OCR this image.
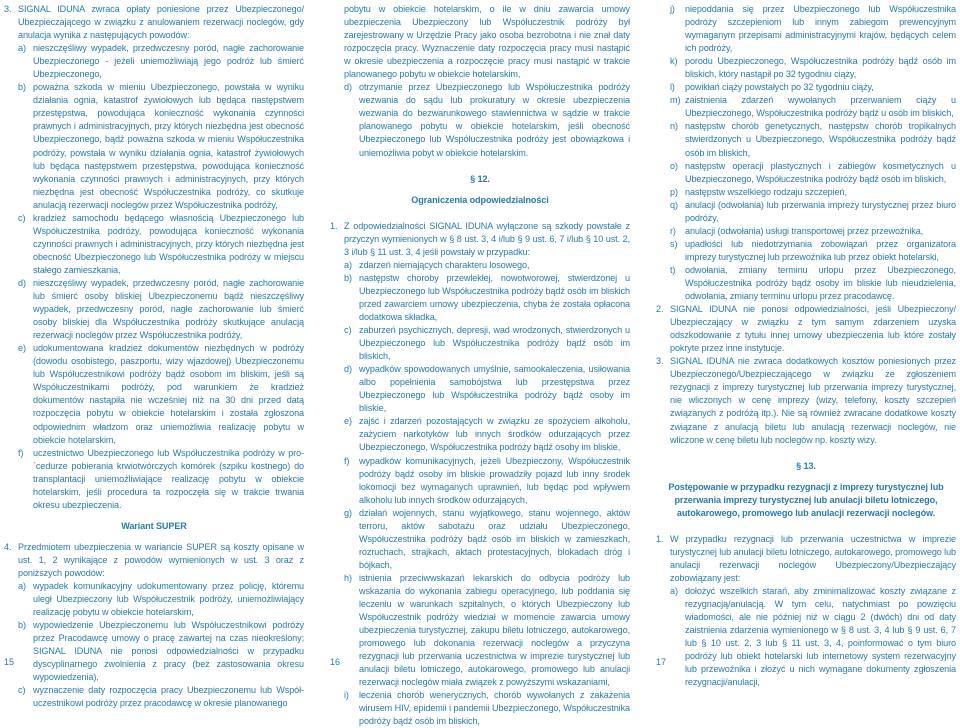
3. SIGNAL IDUNA zwraca opłaty poniesione przez Ubezpieczonego/ Ubezpieczającego w związku z anulowaniem rezerwacji noclegów, gdy anulacja wynika z następujących powodów:

a) nieszczęśliwy wypadek, przedwczesny poród, nagłe zachorowanie Ubezpieczonego - jeżeli uniemożliwiają jego podróż lub śmierć Ubezpieczonego,
b) poważna szkoda w mieniu Ubezpieczonego, powstała w wyniku działania ognia, katastrof żywiołowych lub będąca następstwem przestępstwa, powodująca konieczność wykonania czynności prawnych i administracyjnych, przy których niezbędna jest obecność Ubezpieczonego, bądź poważna szkoda w mieniu Współuczestnika podróży, powstała w wyniku działania ognia, katastrof żywiołowych lub będąca następstwem przestępstwa, powodująca konieczność wykonania czynności prawnych i administracyjnych, przy których niezbędna jest obecność Współuczestnika podróży, co skutkuje anulacją rezerwacji noclegów przez Współuczestnika podróży,
c) kradzież samochodu będącego własnością Ubezpieczonego lub Współuczestnika podróży, powodująca konieczność wykonania czynności prawnych i administracyjnych, przy których niezbędna jest obecność Ubezpieczonego lub Współuczestnika podróży w miejscu stałego zamieszkania,
d) nieszczęśliwy wypadek, przedwczesny poród, nagłe zachorowanie lub śmierć osoby bliskiej Ubezpieczonemu bądź nieszczęśliwy wypadek, przedwczesny poród, nagłe zachorowanie lub śmierć osoby bliskiej dla Współuczestnika podróży skutkujące anulacją rezerwacji noclegów przez Współuczestnika podróży,
e) udokumentowana kradzież dokumentów niezbędnych w podróży (dowodu osobistego, paszportu, wizy wjazdowej) Ubezpieczonemu lub Współuczestnikowi podróży bądź osobom im bliskim, jeśli są Współuczestnikami podróży, pod warunkiem że kradzież dokumentów nastąpiła nie wcześniej niż na 30 dni przed datą rozpoczęcia pobytu w obiekcie hotelarskim i została zgłoszona odpowiednim władzom oraz uniemożliwia realizację pobytu w obiekcie hotelarskim,
f)	uczestnictwo Ubezpieczonego lub Współuczestnika podróży w pro-`cedurze pobierania krwiotwórczych komórek (szpiku kostnego) do transplantacji uniemożliwiające realizację pobytu w obiekcie hotelarskim, jeśli procedura ta rozpoczęła się w trakcie trwania okresu ubezpieczenia.

Wariant SUPER

4. Przedmiotem ubezpieczenia w wariancie SUPER są koszty opisane w ust. 1, 2 wynikające z powodów wymienionych w ust. 3 oraz z poniższych powodów:

a) wypadek komunikacyjny udokumentowany przez policję, któremu uległ Ubezpieczony lub Współuczestnik podróży, uniemożliwiający realizację pobytu w obiekcie hotelarskim,
b) wypowiedzenie Ubezpieczonemu lub Współuczestnikowi podróży przez Pracodawcę umowy o pracę zawartej na czas nieokreślony; SIGNAL IDUNA nie ponosi odpowiedzialności w przypadku dyscyplinarnego zwolnienia z pracy (bez zastosowania okresu wypowiedzenia),
c) wyznaczenie daty rozpoczęcia pracy Ubezpieczonemu lub Współ-uczestnikowi podróży przez pracodawcę w okresie planowanego

pobytu w obiekcie hotelarskim, o ile w dniu zawarcia umowy ubezpieczenia Ubezpieczony lub Współuczestnik podróży był zarejestrowany w Urzędzie Pracy jako osoba bezrobotna i nie znał daty rozpoczęcia pracy. Wyznaczenie daty rozpoczęcia pracy musi nastąpić w okresie ubezpieczenia a rozpoczęcie pracy musi nastąpić w trakcie planowanego pobytu w obiekcie hotelarskim,

d) otrzymanie przez Ubezpieczonego lub Współuczestnika podróży wezwania do sądu lub prokuratury w okresie ubezpieczenia wezwania do bezwarunkowego stawiennictwa w sądzie w trakcie planowanego pobytu w obiekcie hotelarskim, jeśli obecność Ubezpieczonego lub Współuczestnika podróży jest obowiązkowa i uniemożliwia pobyt w obiekcie hotelarskim.

§ 12.

Ograniczenia odpowiedzialności

1. Z odpowiedzialności SIGNAL IDUNA wyłączone są szkody powstałe z przyczyn wymienionych w § 8 ust. 3, 4 i/lub § 9 ust. 6, 7 i/lub § 10 ust. 2, 3 i/lub § 11 ust. 3, 4 jeśli powstały w przypadku:

a) zdarzeń niemających charakteru losowego,
b) następstw choroby przewlekłej, nowotworowej, stwierdzonej u Ubezpieczonego lub Współuczestnika podróży bądź osób im bliskich przed zawarciem umowy ubezpieczenia, chyba że została opłacona dodatkowa składka,
c) zaburzeń psychicznych, depresji, wad wrodzonych, stwierdzonych u Ubezpieczonego lub Współuczestnika podróży bądź osób im bliskich,
d) wypadków spowodowanych umyślnie, samookaleczenia, usiłowania albo popełnienia samobójstwa lub przestępstwa przez Ubezpieczonego lub Współuczestnika podróży bądź osoby im bliskie,
e) zajść i zdarzeń pozostających w związku ze spożyciem alkoholu, zażyciem narkotyków lub innych środków odurzających przez Ubezpieczonego, Współuczestnika podróży bądź osoby im bliskie,
f)	wypadków komunikacyjnych, jeżeli Ubezpieczony, Współuczestnik podróży bądź osoby im bliskie prowadziły pojazd lub inny środek lokomocji bez wymaganych uprawnień, lub będąc pod wpływem alkoholu lub innych środków odurzających,
g) działań wojennych, stanu wyjątkowego, stanu wojennego, aktów terroru, aktów sabotażu oraz udziału Ubezpieczonego, Współuczestnika podróży bądź osób im bliskich w zamieszkach, rozruchach, strajkach, aktach protestacyjnych, blokadach dróg i bójkach,
h) istnienia przeciwwskazań lekarskich do odbycia podróży lub wskazania do wykonania zabiegu operacyjnego, lub poddania się leczeniu w warunkach szpitalnych, o których Ubezpieczony lub Współuczestnik podróży wiedział w momencie zawarcia umowy ubezpieczenia turystycznej, zakupu biletu lotniczego, autokarowego, promowego lub dokonania rezerwacji noclegów a przyczyna rezygnacji lub przerwania uczestnictwa w imprezie turystycznej lub anulacji biletu lotniczego, autokarowego, promowego lub anulacji rezerwacji noclegów miała związek z powyższymi wskazaniami,
i)	leczenia chorób wenerycznych, chorób wywołanych z zakażenia wirusem HIV, epidemii i pandemii Ubezpieczonego, Współuczestnika podróży bądź osób im bliskich,
j)	niepoddania się przez Ubezpieczonego lub Współuczestnika podróży szczepieniom lub innym zabiegom prewencyjnym wymaganym przepisami administracyjnymi krajów, będących celem ich podróży,
k) porodu Ubezpieczonego, Współuczestnika podróży bądź osób im bliskich, który nastąpił po 32 tygodniu ciąży,
l)	powikłań ciąży powstałych po 32 tygodniu ciąży,
m) zaistnienia zdarzeń wywołanych przerwaniem ciąży u Ubezpieczonego, Współuczestnika podróży bądź u osób im bliskich,
n) następstw chorób genetycznych, następstw chorób tropikalnych stwierdzonych u Ubezpieczonego, Współuczestnika podróży bądź osób im bliskich,
o) następstw operacji plastycznych i zabiegów kosmetycznych u Ubezpieczonego, Współuczestnika podróży bądź osób im bliskich,
p) następstw wszelkiego rodzaju szczepień,
q) anulacji (odwołania) lub przerwania imprezy turystycznej przez biuro podróży,
r)	anulacji (odwołania) usługi transportowej przez przewoźnika,
s) upadłości lub niedotrzymania zobowiązań przez organizatora imprezy turystycznej lub przewoźnika lub przez obiekt hotelarski,
t)	odwołania, zmiany terminu urlopu przez Ubezpieczonego, Współuczestnika podróży bądź osoby im bliskie lub nieudzielenia, odwołania, zmiany terminu urlopu przez pracodawcę.
2. SIGNAL IDUNA nie ponosi odpowiedzialności, jeśli Ubezpieczony/ Ubezpieczający w związku z tym samym zdarzeniem uzyska odszkodowanie z tytułu innej umowy ubezpieczenia lub które zostały pokryte przez inne instytucje.
3. SIGNAL IDUNA nie zwraca dodatkowych kosztów poniesionych przez Ubezpieczonego/Ubezpieczającego w związku ze zgłoszeniem rezygnacji z imprezy turystycznej lub przerwania imprezy turystycznej, nie wliczonych w cenę imprezy (wizy, telefony, koszty szczepień związanych z podróżą itp.). Nie są również zwracane dodatkowe koszty związane z anulacją biletu lub anulacją rezerwacji noclegów, nie wliczone w cenę biletu lub noclegów np. koszty wizy.

§ 13.

Postępowanie w przypadku rezygnacji z imprezy turystycznej lub przerwania imprezy turystycznej lub anulacji biletu lotniczego, autokarowego, promowego lub anulacji rezerwacji noclegów.

1. W przypadku rezygnacji lub przerwania uczestnictwa w imprezie turystycznej lub anulacji biletu lotniczego, autokarowego, promowego lub anulacji rezerwacji noclegów Ubezpieczony/Ubezpieczający zobowiązany jest:

a) dołożyć wszelkich starań, aby zminimalizować koszty związane z rezygnacją/anulacją. W tym celu, natychmiast po powzięciu wiadomości, ale nie później niż w ciągu 2 (dwóch) dni od daty zaistnienia zdarzenia wymienionego w § 8 ust. 3, 4 lub § 9 ust. 6, 7 lub § 10 ust. 2, 3 lub § 11 ust. 3, 4, poinformować o tym biuro podróży lub obiekt hotelarski lub internetowy system rezerwacyjny lub przewoźnika i złożyć u nich wymagane dokumenty zgłoszenia rezygnacji/anulacji,
15	16	17
